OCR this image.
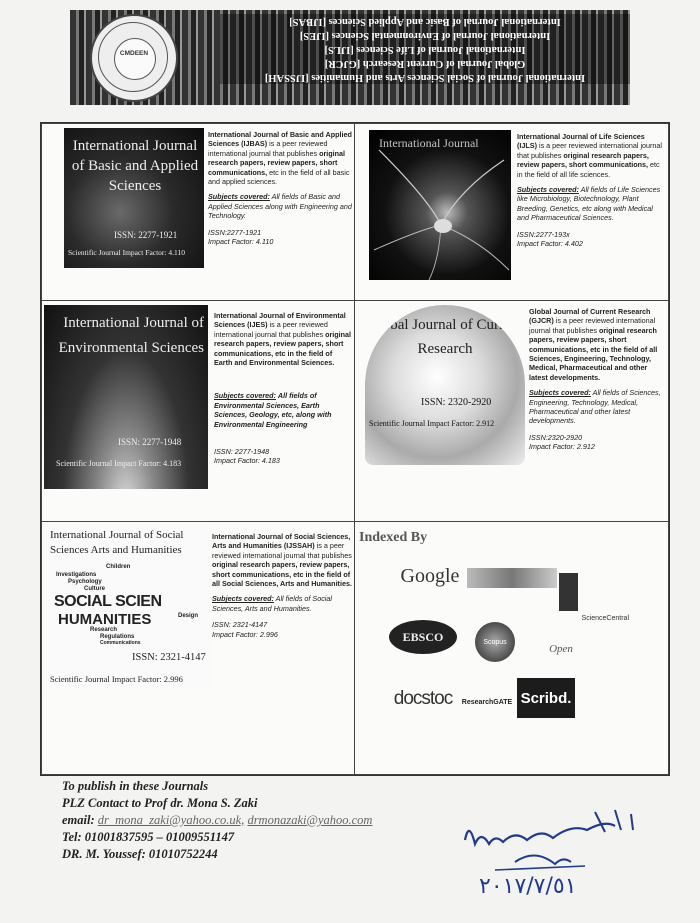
International Journal of Social Sciences Arts and Humanities [IJSSAH]
Global Journal of Current Research [GJCR]
International Journal of Life Sciences [IJLS]
International Journal of Environmental Sciences [IJES]
International Journal of Basic and Applied Sciences [IJBAS]
CMDEEN
International Journal of Basic and Applied Sciences
ISSN: 2277-1921
Scientific Journal Impact Factor: 4.110
International Journal of Basic and Applied Sciences (IJBAS) is a peer reviewed international journal that publishes original research papers, review papers, short communications, etc in the field of all basic and applied sciences.
Subjects covered: All fields of Basic and Applied Sciences along with Engineering and Technology.
ISSN:2277-1921
Impact Factor: 4.110
International Journal	International Journal of Life Sciences (IJLS) is a peer reviewed international journal that publishes original research papers, review papers, short communications, etc in the field of all life sciences.
Subjects covered: All fields of Life Sciences like Microbiology, Biotechnology, Plant Breeding, Genetics, etc along with Medical and Pharmaceutical Sciences.
ISSN:2277-193x
Impact Factor: 4.402
International Journal of Environmental Sciences
ISSN: 2277-1948
Scientific Journal Impact Factor: 4.183
International Journal of Environmental Sciences (IJES) is a peer reviewed international journal that publishes original research papers, review papers, short communications, etc in the field of Earth and Environmental Sciences.
Subjects covered: All fields of Environmental Sciences, Earth Sciences, Geology, etc, along with Environmental Engineering
ISSN: 2277-1948
Impact Factor: 4.183
Global Journal of Current Research
ISSN: 2320-2920
Scientific Journal Impact Factor: 2.912
Global Journal of Current Research (GJCR) is a peer reviewed international journal that publishes original research papers, review papers, short communications, etc in the field of all Sciences, Engineering, Technology, Medical, Pharmaceutical and other latest developments.
Subjects covered: All fields of Sciences, Engineering, Technology, Medical, Pharmaceutical and other latest developments.
ISSN:2320-2920
Impact Factor: 2.912
International Journal of Social Sciences Arts and Humanities
Children
Investigations
Psychology
Culture
SOCIAL SCIEN
HUMANITIES	Design
Research
Regulations
Communications
ISSN: 2321-4147
Scientific Journal Impact Factor: 2.996
International Journal of Social Sciences, Arts and Humanities (IJSSAH) is a peer reviewed international journal that publishes original research papers, review papers, short communications, etc in the field of all Social Sciences, Arts and Humanities.
Subjects covered: All fields of Social Sciences, Arts and Humanities.
ISSN: 2321-4147
Impact Factor: 2.996
Indexed By
Google
ScienceCentral
EBSCO	Scopus
Open
docstoc ResearchGATE Scribd.
To publish in these Journals
PLZ Contact to Prof dr. Mona S. Zaki
email: dr_mona_zaki@yahoo.co.uk, drmonazaki@yahoo.com
Tel: 01001837595 – 01009551147
DR. M. Youssef: 01010752244
٢٠١٧/٧/٥١
